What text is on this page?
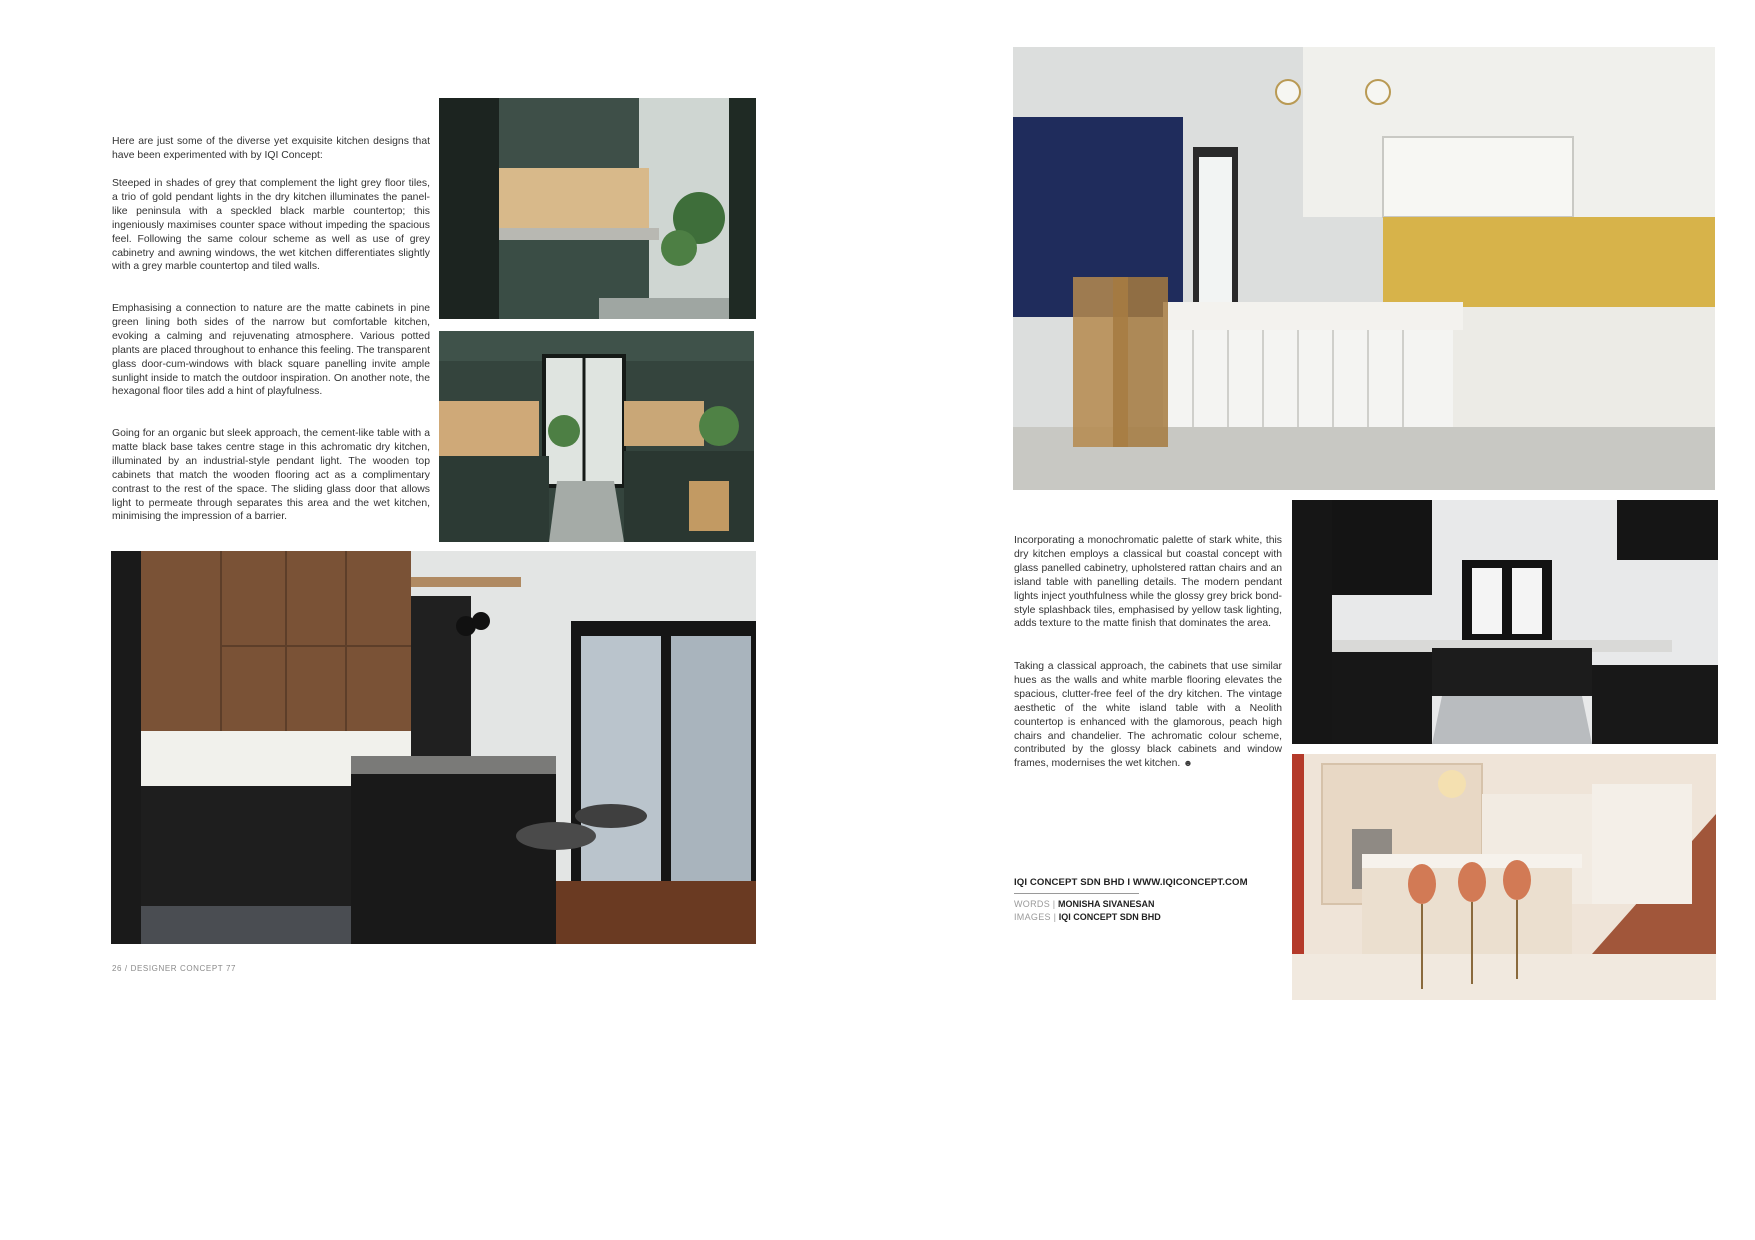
Here are just some of the diverse yet exquisite kitchen designs that have been experimented with by IQI Concept:

Steeped in shades of grey that complement the light grey floor tiles, a trio of gold pendant lights in the dry kitchen illuminates the panel-like peninsula with a speckled black marble countertop; this ingeniously maximises counter space without impeding the spacious feel. Following the same colour scheme as well as use of grey cabinetry and awning windows, the wet kitchen differentiates slightly with a grey marble countertop and tiled walls.

Emphasising a connection to nature are the matte cabinets in pine green lining both sides of the narrow but comfortable kitchen, evoking a calming and rejuvenating atmosphere. Various potted plants are placed throughout to enhance this feeling. The transparent glass door-cum-windows with black square panelling invite ample sunlight inside to match the outdoor inspiration. On another note, the hexagonal floor tiles add a hint of playfulness.

Going for an organic but sleek approach, the cement-like table with a matte black base takes centre stage in this achromatic dry kitchen, illuminated by an industrial-style pendant light. The wooden top cabinets that match the wooden flooring act as a complimentary contrast to the rest of the space. The sliding glass door that allows light to permeate through separates this area and the wet kitchen, minimising the impression of a barrier.

26 / DESIGNER CONCEPT 77

Incorporating a monochromatic palette of stark white, this dry kitchen employs a classical but coastal concept with glass panelled cabinetry, upholstered rattan chairs and an island table with panelling details. The modern pendant lights inject youthfulness while the glossy grey brick bond-style splashback tiles, emphasised by yellow task lighting, adds texture to the matte finish that dominates the area.

Taking a classical approach, the cabinets that use similar hues as the walls and white marble flooring elevates the spacious, clutter-free feel of the dry kitchen. The vintage aesthetic of the white island table with a Neolith countertop is enhanced with the glamorous, peach high chairs and chandelier. The achromatic colour scheme, contributed by the glossy black cabinets and window frames, modernises the wet kitchen. ☻

IQI CONCEPT SDN BHD I WWW.IQICONCEPT.COM
WORDS | MONISHA SIVANESAN
IMAGES | IQI CONCEPT SDN BHD
